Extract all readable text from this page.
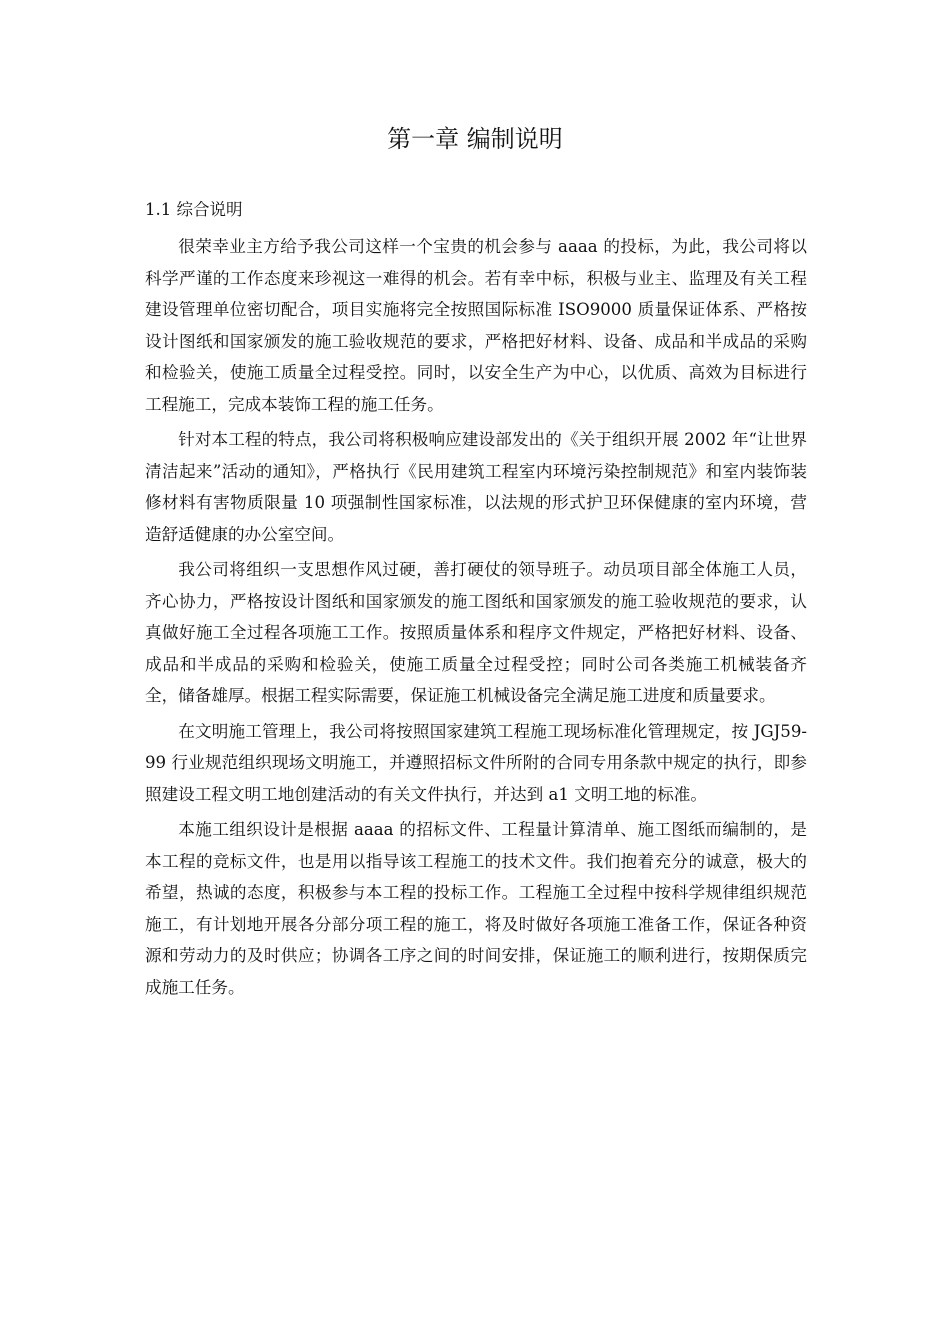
第一章 编制说明
1.1 综合说明

很荣幸业主方给予我公司这样一个宝贵的机会参与 aaaa 的投标，为此，我公司将以科学严谨的工作态度来珍视这一难得的机会。若有幸中标，积极与业主、监理及有关工程建设管理单位密切配合，项目实施将完全按照国际标准 ISO9000 质量保证体系、严格按设计图纸和国家颁发的施工验收规范的要求，严格把好材料、设备、成品和半成品的采购和检验关，使施工质量全过程受控。同时，以安全生产为中心，以优质、高效为目标进行工程施工，完成本装饰工程的施工任务。

针对本工程的特点，我公司将积极响应建设部发出的《关于组织开展 2002 年“让世界清洁起来”活动的通知》，严格执行《民用建筑工程室内环境污染控制规范》和室内装饰装修材料有害物质限量 10 项强制性国家标准，以法规的形式护卫环保健康的室内环境，营造舒适健康的办公室空间。

我公司将组织一支思想作风过硬，善打硬仗的领导班子。动员项目部全体施工人员，齐心协力，严格按设计图纸和国家颁发的施工图纸和国家颁发的施工验收规范的要求，认真做好施工全过程各项施工工作。按照质量体系和程序文件规定，严格把好材料、设备、成品和半成品的采购和检验关，使施工质量全过程受控；同时公司各类施工机械装备齐全，储备雄厚。根据工程实际需要，保证施工机械设备完全满足施工进度和质量要求。

在文明施工管理上，我公司将按照国家建筑工程施工现场标准化管理规定，按 JGJ59-99 行业规范组织现场文明施工，并遵照招标文件所附的合同专用条款中规定的执行，即参照建设工程文明工地创建活动的有关文件执行，并达到 a1 文明工地的标准。

本施工组织设计是根据 aaaa 的招标文件、工程量计算清单、施工图纸而编制的，是本工程的竞标文件，也是用以指导该工程施工的技术文件。我们抱着充分的诚意，极大的希望，热诚的态度，积极参与本工程的投标工作。工程施工全过程中按科学规律组织规范施工，有计划地开展各分部分项工程的施工，将及时做好各项施工准备工作，保证各种资源和劳动力的及时供应；协调各工序之间的时间安排，保证施工的顺利进行，按期保质完成施工任务。
